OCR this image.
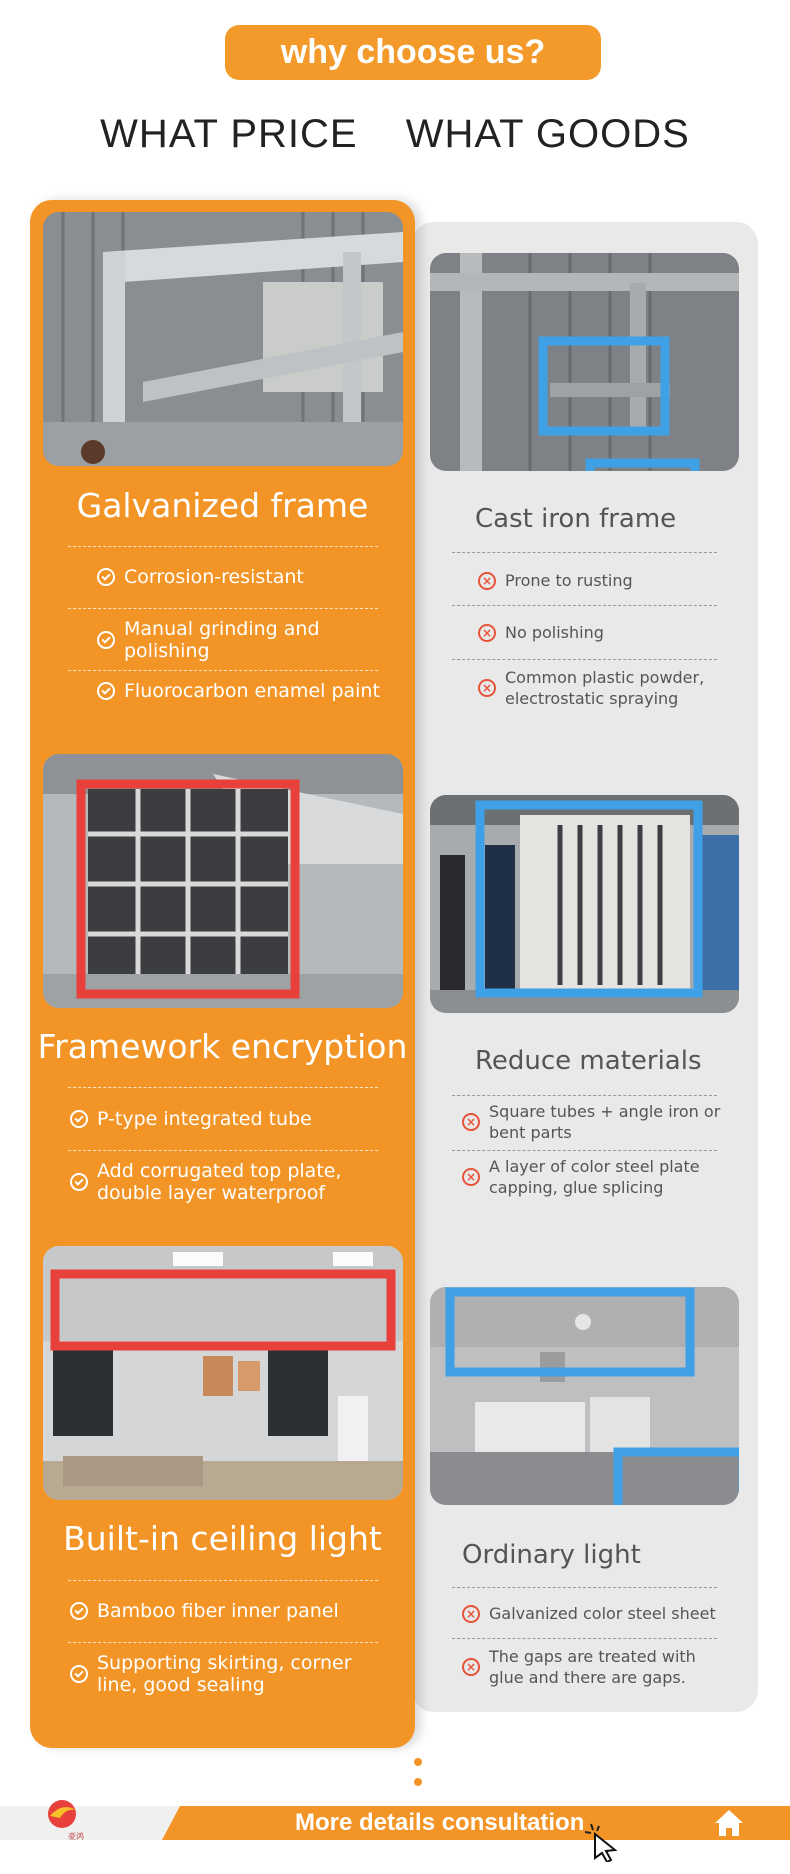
why choose us?
WHAT PRICE WHAT GOODS
Galvanized frame
Corrosion-resistant
Manual grinding and polishing
Fluorocarbon enamel paint
Framework encryption
P-type integrated tube
Add corrugated top plate, double layer waterproof
Built-in ceiling light
Bamboo fiber inner panel
Supporting skirting, corner line, good sealing
Cast iron frame
× Prone to rusting
× No polishing
×
Common plastic powder, electrostatic spraying
Reduce materials
×
Square tubes + angle iron or bent parts
×
A layer of color steel plate capping, glue splicing
Ordinary light
× Galvanized color steel sheet
×
The gaps are treated with glue and there are gaps.
More details consultation
豪鸿
